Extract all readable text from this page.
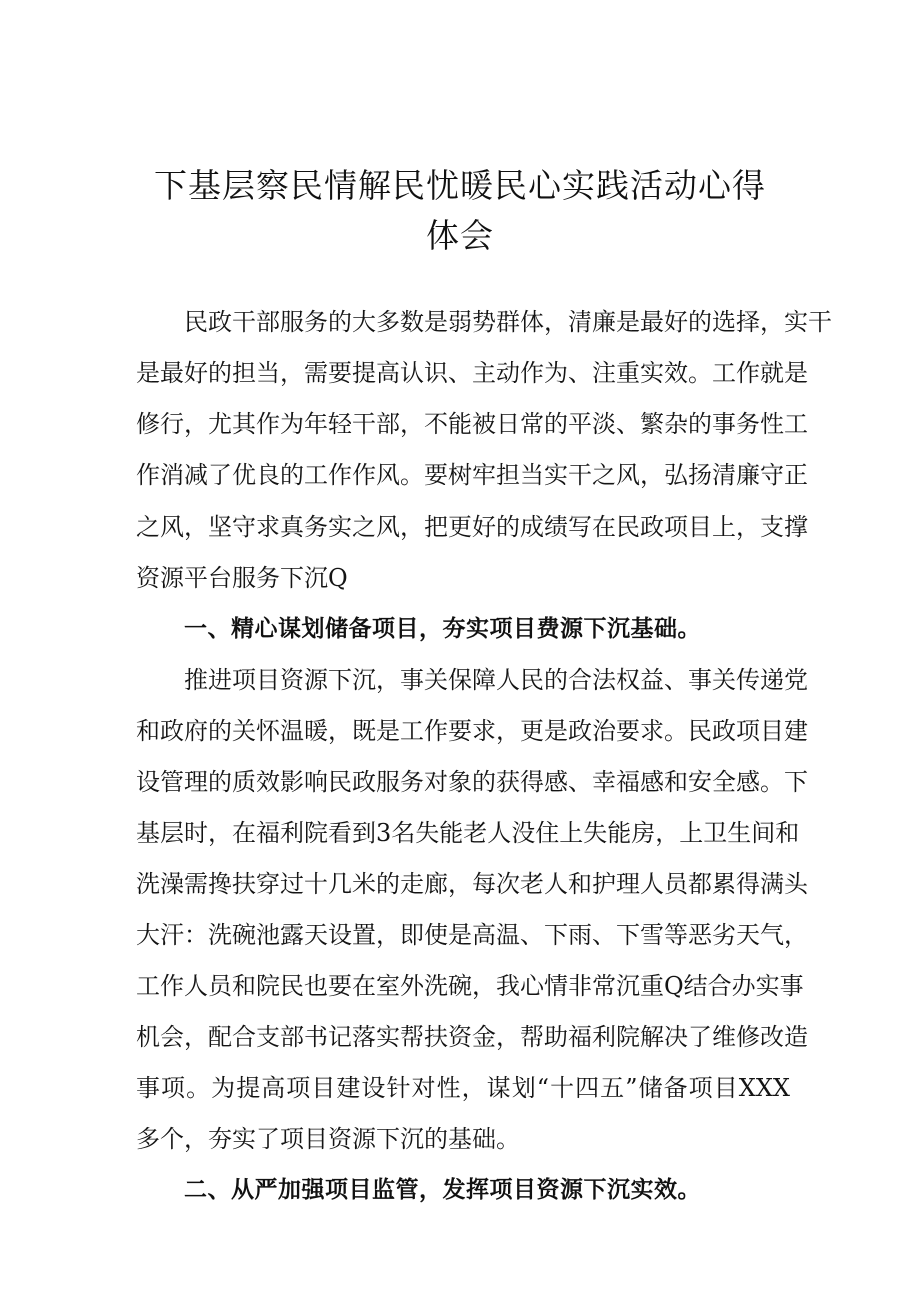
下基层察民情解民忧暖民心实践活动心得
体会
民政干部服务的大多数是弱势群体，清廉是最好的选择，实干
是最好的担当，需要提高认识、主动作为、注重实效。工作就是
修行，尤其作为年轻干部，不能被日常的平淡、繁杂的事务性工
作消减了优良的工作作风。要树牢担当实干之风，弘扬清廉守正
之风，坚守求真务实之风，把更好的成绩写在民政项目上，支撑
资源平台服务下沉Q
一、精心谋划储备项目，夯实项目费源下沉基础。
推进项目资源下沉，事关保障人民的合法权益、事关传递党
和政府的关怀温暖，既是工作要求，更是政治要求。民政项目建
设管理的质效影响民政服务对象的获得感、幸福感和安全感。下
基层时，在福利院看到3名失能老人没住上失能房，上卫生间和
洗澡需搀扶穿过十几米的走廊，每次老人和护理人员都累得满头
大汗：洗碗池露天设置，即使是高温、下雨、下雪等恶劣天气，
工作人员和院民也要在室外洗碗，我心情非常沉重Q结合办实事
机会，配合支部书记落实帮扶资金，帮助福利院解决了维修改造
事项。为提高项目建设针对性，谋划“十四五”储备项目XXX
多个，夯实了项目资源下沉的基础。
二、从严加强项目监管，发挥项目资源下沉实效。
